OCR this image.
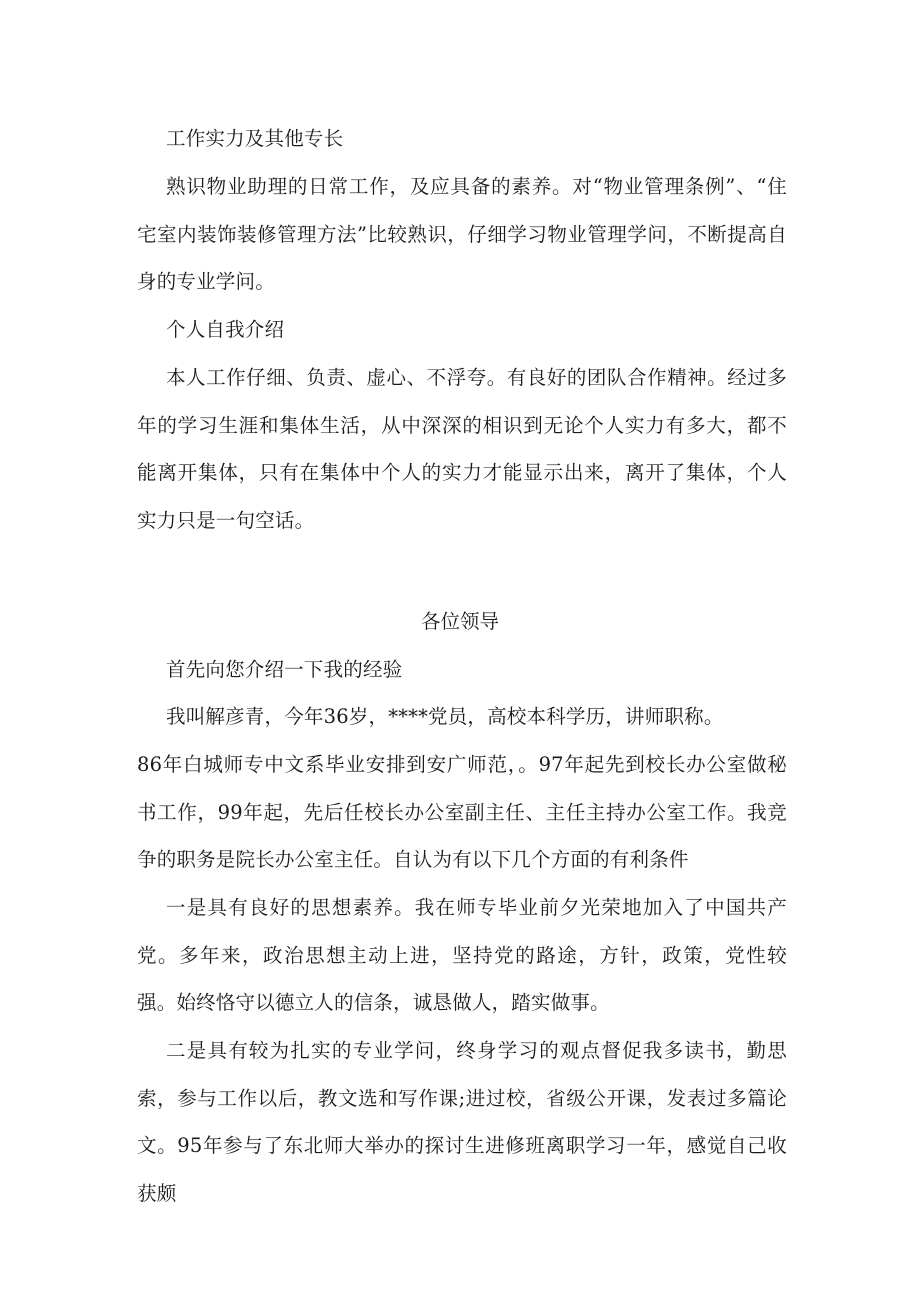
工作实力及其他专长

熟识物业助理的日常工作，及应具备的素养。对“物业管理条例”、“住宅室内装饰装修管理方法”比较熟识，仔细学习物业管理学问，不断提高自身的专业学问。

个人自我介绍

本人工作仔细、负责、虚心、不浮夸。有良好的团队合作精神。经过多年的学习生涯和集体生活，从中深深的相识到无论个人实力有多大，都不能离开集体，只有在集体中个人的实力才能显示出来，离开了集体，个人实力只是一句空话。

各位领导

首先向您介绍一下我的经验

我叫解彦青，今年36岁，****党员，高校本科学历，讲师职称。

86年白城师专中文系毕业安排到安广师范，。97年起先到校长办公室做秘书工作，99年起，先后任校长办公室副主任、主任主持办公室工作。我竞争的职务是院长办公室主任。自认为有以下几个方面的有利条件

一是具有良好的思想素养。我在师专毕业前夕光荣地加入了中国共产党。多年来，政治思想主动上进，坚持党的路途，方针，政策，党性较强。始终恪守以德立人的信条，诚恳做人，踏实做事。

二是具有较为扎实的专业学问，终身学习的观点督促我多读书，勤思索，参与工作以后，教文选和写作课;进过校，省级公开课，发表过多篇论文。95年参与了东北师大举办的探讨生进修班离职学习一年，感觉自己收获颇
